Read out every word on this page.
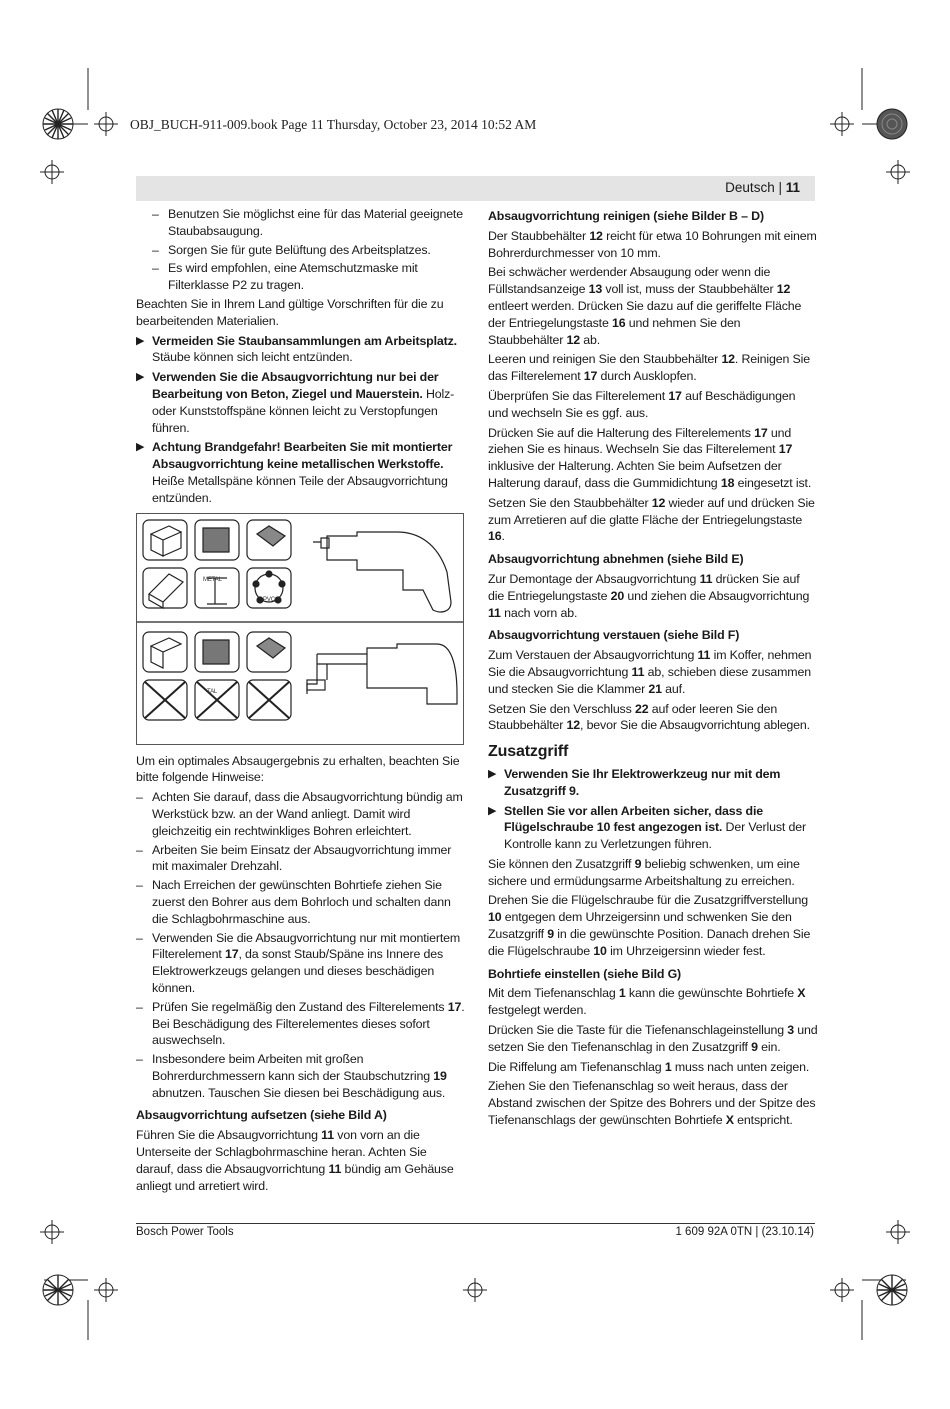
OBJ_BUCH-911-009.book Page 11 Thursday, October 23, 2014 10:52 AM
Deutsch | 11
– Benutzen Sie möglichst eine für das Material geeignete Staubabsaugung.
– Sorgen Sie für gute Belüftung des Arbeitsplatzes.
– Es wird empfohlen, eine Atemschutzmaske mit Filterklasse P2 zu tragen.

Beachten Sie in Ihrem Land gültige Vorschriften für die zu bearbeitenden Materialien.

▶ Vermeiden Sie Staubansammlungen am Arbeitsplatz. Stäube können sich leicht entzünden.
▶ Verwenden Sie die Absaugvorrichtung nur bei der Bearbeitung von Beton, Ziegel und Mauerstein. Holz- oder Kunststoffspäne können leicht zu Verstopfungen führen.
▶ Achtung Brandgefahr! Bearbeiten Sie mit montierter Absaugvorrichtung keine metallischen Werkstoffe. Heiße Metallspäne können Teile der Absaugvorrichtung entzünden.
METAL
PVC
TAL

Um ein optimales Absaugergebnis zu erhalten, beachten Sie bitte folgende Hinweise:

– Achten Sie darauf, dass die Absaugvorrichtung bündig am Werkstück bzw. an der Wand anliegt. Damit wird gleichzeitig ein rechtwinkliges Bohren erleichtert.
– Arbeiten Sie beim Einsatz der Absaugvorrichtung immer mit maximaler Drehzahl.
– Nach Erreichen der gewünschten Bohrtiefe ziehen Sie zuerst den Bohrer aus dem Bohrloch und schalten dann die Schlagbohrmaschine aus.
– Verwenden Sie die Absaugvorrichtung nur mit montiertem Filterelement 17, da sonst Staub/Späne ins Innere des Elektrowerkzeugs gelangen und dieses beschädigen können.
– Prüfen Sie regelmäßig den Zustand des Filterelements 17. Bei Beschädigung des Filterelementes dieses sofort auswechseln.
– Insbesondere beim Arbeiten mit großen Bohrerdurchmessern kann sich der Staubschutzring 19 abnutzen. Tauschen Sie diesen bei Beschädigung aus.
Absaugvorrichtung aufsetzen (siehe Bild A)

Führen Sie die Absaugvorrichtung 11 von vorn an die Unterseite der Schlagbohrmaschine heran. Achten Sie darauf, dass die Absaugvorrichtung 11 bündig am Gehäuse anliegt und arretiert wird.

Absaugvorrichtung reinigen (siehe Bilder B – D)

Der Staubbehälter 12 reicht für etwa 10 Bohrungen mit einem Bohrerdurchmesser von 10 mm.

Bei schwächer werdender Absaugung oder wenn die Füllstandsanzeige 13 voll ist, muss der Staubbehälter 12 entleert werden. Drücken Sie dazu auf die geriffelte Fläche der Entriegelungstaste 16 und nehmen Sie den Staubbehälter 12 ab.

Leeren und reinigen Sie den Staubbehälter 12. Reinigen Sie das Filterelement 17 durch Ausklopfen.

Überprüfen Sie das Filterelement 17 auf Beschädigungen und wechseln Sie es ggf. aus.

Drücken Sie auf die Halterung des Filterelements 17 und ziehen Sie es hinaus. Wechseln Sie das Filterelement 17 inklusive der Halterung. Achten Sie beim Aufsetzen der Halterung darauf, dass die Gummidichtung 18 eingesetzt ist.

Setzen Sie den Staubbehälter 12 wieder auf und drücken Sie zum Arretieren auf die glatte Fläche der Entriegelungstaste 16.

Absaugvorrichtung abnehmen (siehe Bild E)

Zur Demontage der Absaugvorrichtung 11 drücken Sie auf die Entriegelungstaste 20 und ziehen die Absaugvorrichtung 11 nach vorn ab.

Absaugvorrichtung verstauen (siehe Bild F)

Zum Verstauen der Absaugvorrichtung 11 im Koffer, nehmen Sie die Absaugvorrichtung 11 ab, schieben diese zusammen und stecken Sie die Klammer 21 auf.

Setzen Sie den Verschluss 22 auf oder leeren Sie den Staubbehälter 12, bevor Sie die Absaugvorrichtung ablegen.

Zusatzgriff
▶ Verwenden Sie Ihr Elektrowerkzeug nur mit dem Zusatzgriff 9.
▶ Stellen Sie vor allen Arbeiten sicher, dass die Flügelschraube 10 fest angezogen ist. Der Verlust der Kontrolle kann zu Verletzungen führen.

Sie können den Zusatzgriff 9 beliebig schwenken, um eine sichere und ermüdungsarme Arbeitshaltung zu erreichen.

Drehen Sie die Flügelschraube für die Zusatzgriffverstellung 10 entgegen dem Uhrzeigersinn und schwenken Sie den Zusatzgriff 9 in die gewünschte Position. Danach drehen Sie die Flügelschraube 10 im Uhrzeigersinn wieder fest.

Bohrtiefe einstellen (siehe Bild G)

Mit dem Tiefenanschlag 1 kann die gewünschte Bohrtiefe X festgelegt werden.

Drücken Sie die Taste für die Tiefenanschlageinstellung 3 und setzen Sie den Tiefenanschlag in den Zusatzgriff 9 ein.

Die Riffelung am Tiefenanschlag 1 muss nach unten zeigen.

Ziehen Sie den Tiefenanschlag so weit heraus, dass der Abstand zwischen der Spitze des Bohrers und der Spitze des Tiefenanschlags der gewünschten Bohrtiefe X entspricht.

Bosch Power Tools	1 609 92A 0TN | (23.10.14)
